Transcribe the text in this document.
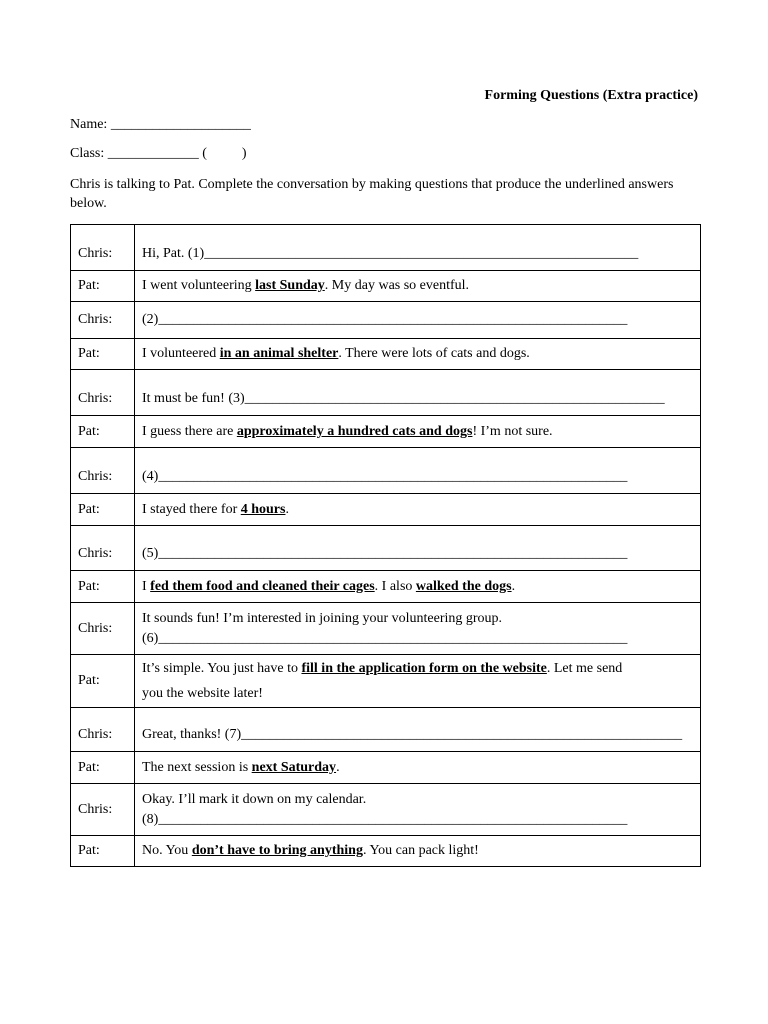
Forming Questions (Extra practice)
Name: ____________________
Class: _____________ (          )
Chris is talking to Pat. Complete the conversation by making questions that produce the underlined answers below.
Chris:	Hi, Pat. (1)______________________________________________________________
Pat:	I went volunteering last Sunday. My day was so eventful.
Chris:	(2)___________________________________________________________________
Pat:	I volunteered in an animal shelter. There were lots of cats and dogs.
Chris:	It must be fun! (3)____________________________________________________________
Pat:	I guess there are approximately a hundred cats and dogs! I’m not sure.
Chris:	(4)___________________________________________________________________
Pat:	I stayed there for 4 hours.
Chris:	(5)___________________________________________________________________
Pat:	I fed them food and cleaned their cages. I also walked the dogs.
Chris:	It sounds fun! I’m interested in joining your volunteering group.
(6)___________________________________________________________________

Pat:	It’s simple. You just have to fill in the application form on the website. Let me send
you the website later!

Chris:	Great, thanks! (7)_______________________________________________________________
Pat:	The next session is next Saturday.
Chris:	Okay. I’ll mark it down on my calendar.
(8)___________________________________________________________________

Pat:	No. You don’t have to bring anything. You can pack light!
